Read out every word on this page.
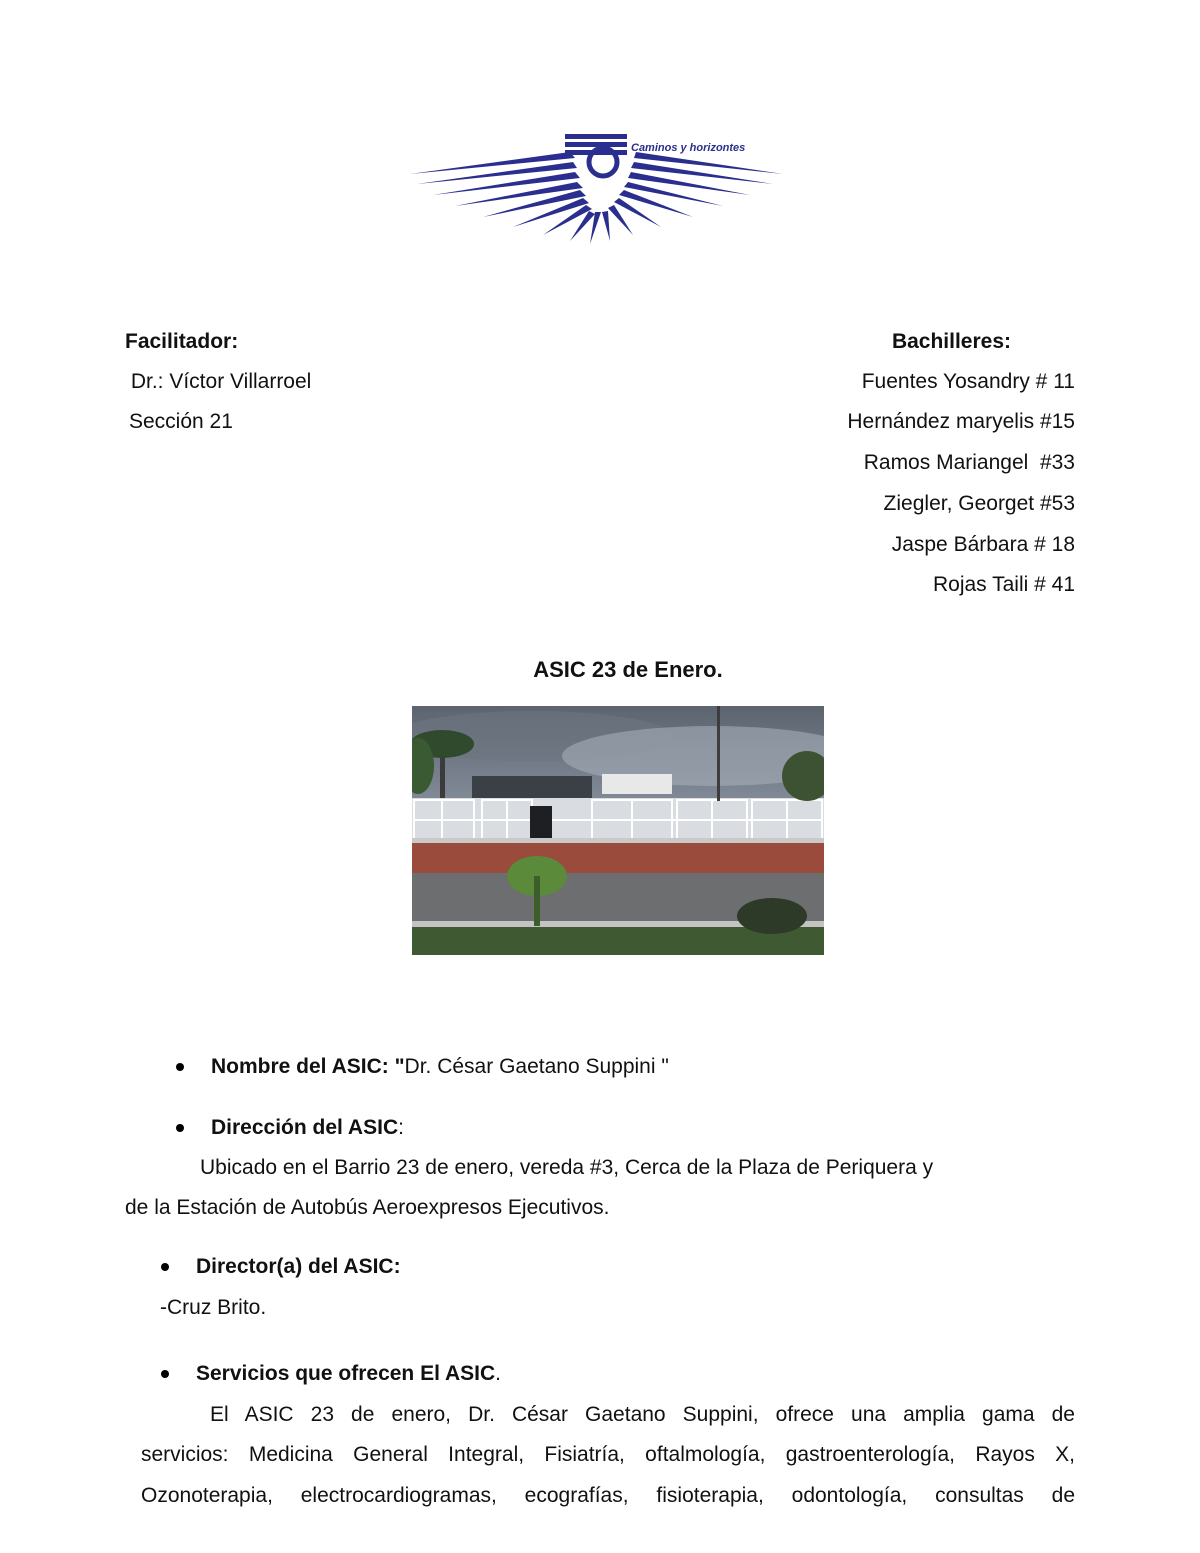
Caminos y horizontes
Facilitador:
Dr.: Víctor Villarroel
Sección 21
Bachilleres:
Fuentes Yosandry # 11
Hernández maryelis #15
Ramos Mariangel  #33
Ziegler, Georget #53
Jaspe Bárbara # 18
Rojas Taili # 41
ASIC 23 de Enero.
Nombre del ASIC: "Dr. César Gaetano Suppini "
Dirección del ASIC:
Ubicado en el Barrio 23 de enero, vereda #3, Cerca de la Plaza de Periquera y
de la Estación de Autobús Aeroexpresos Ejecutivos.
Director(a) del ASIC:
-Cruz Brito.
Servicios que ofrecen El ASIC.
El ASIC 23 de enero, Dr. César Gaetano Suppini, ofrece una amplia gama de
servicios: Medicina General Integral, Fisiatría, oftalmología, gastroenterología, Rayos X,
Ozonoterapia, electrocardiogramas, ecografías, fisioterapia, odontología, consultas de
